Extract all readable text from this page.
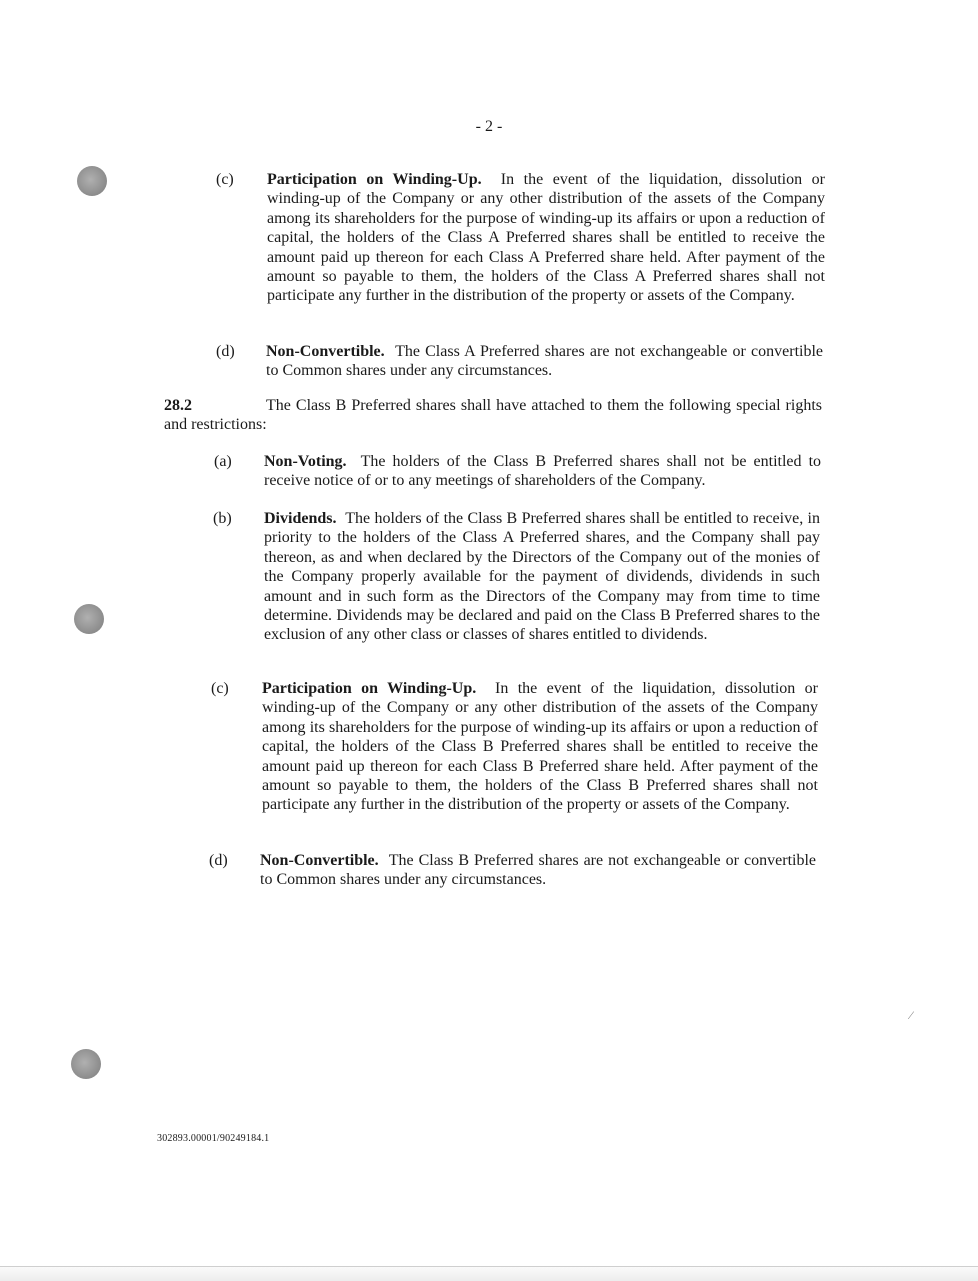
- 2 -
(c) Participation on Winding-Up. In the event of the liquidation, dissolution or winding-up of the Company or any other distribution of the assets of the Company among its shareholders for the purpose of winding-up its affairs or upon a reduction of capital, the holders of the Class A Preferred shares shall be entitled to receive the amount paid up thereon for each Class A Preferred share held. After payment of the amount so payable to them, the holders of the Class A Preferred shares shall not participate any further in the distribution of the property or assets of the Company.
(d) Non-Convertible. The Class A Preferred shares are not exchangeable or convertible to Common shares under any circumstances.
28.2	The Class B Preferred shares shall have attached to them the following special rights and restrictions:
(a) Non-Voting. The holders of the Class B Preferred shares shall not be entitled to receive notice of or to any meetings of shareholders of the Company.
(b) Dividends. The holders of the Class B Preferred shares shall be entitled to receive, in priority to the holders of the Class A Preferred shares, and the Company shall pay thereon, as and when declared by the Directors of the Company out of the monies of the Company properly available for the payment of dividends, dividends in such amount and in such form as the Directors of the Company may from time to time determine. Dividends may be declared and paid on the Class B Preferred shares to the exclusion of any other class or classes of shares entitled to dividends.
(c) Participation on Winding-Up. In the event of the liquidation, dissolution or winding-up of the Company or any other distribution of the assets of the Company among its shareholders for the purpose of winding-up its affairs or upon a reduction of capital, the holders of the Class B Preferred shares shall be entitled to receive the amount paid up thereon for each Class B Preferred share held. After payment of the amount so payable to them, the holders of the Class B Preferred shares shall not participate any further in the distribution of the property or assets of the Company.
(d) Non-Convertible. The Class B Preferred shares are not exchangeable or convertible to Common shares under any circumstances.
⁄
302893.00001/90249184.1
